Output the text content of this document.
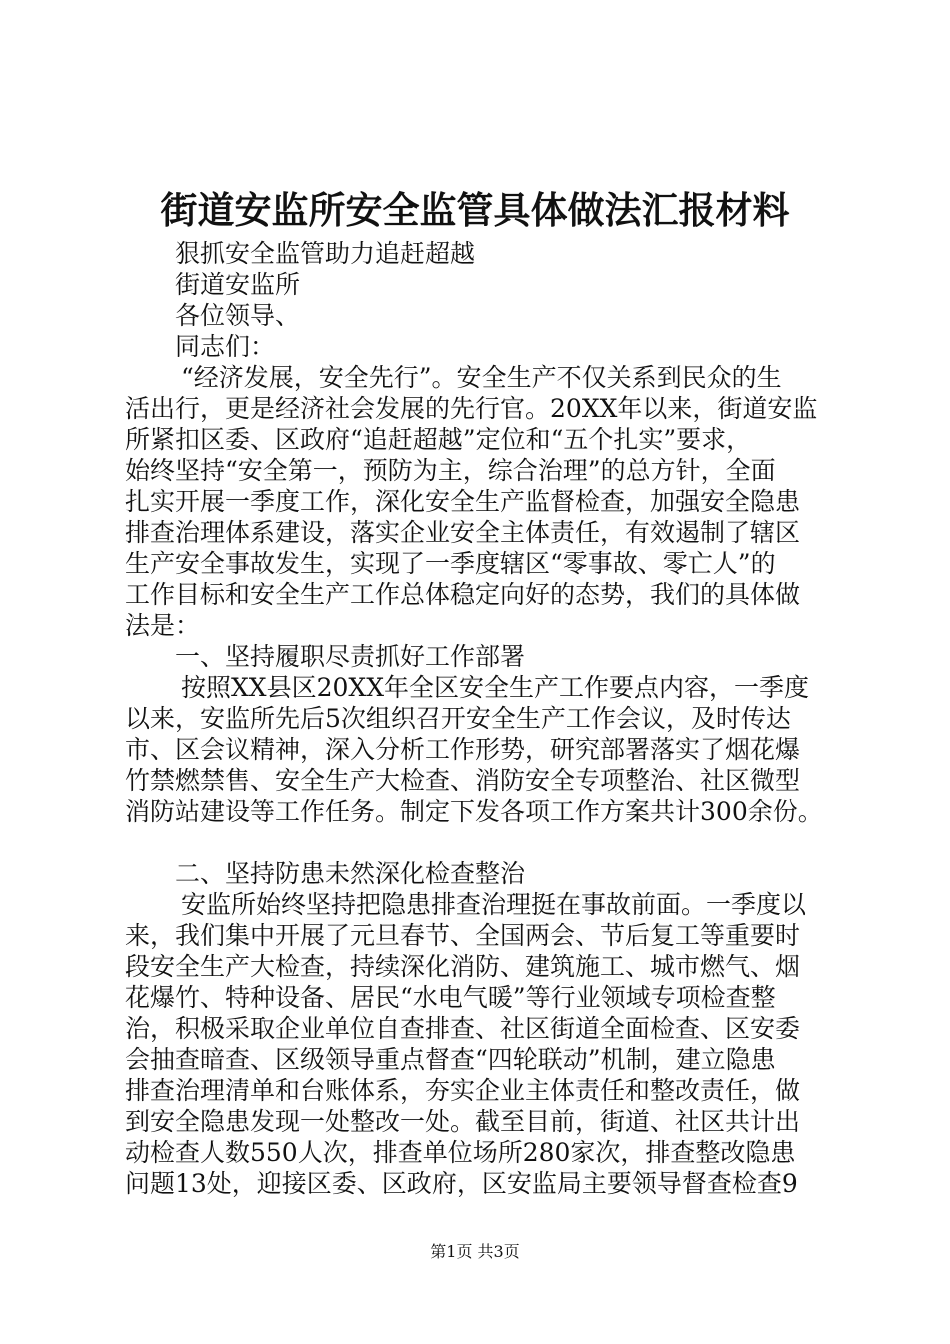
街道安监所安全监管具体做法汇报材料
狠抓安全监管助力追赶超越
街道安监所
各位领导、
同志们：
“经济发展，安全先行”。安全生产不仅关系到民众的生
活出行，更是经济社会发展的先行官。20XX年以来，街道安监
所紧扣区委、区政府“追赶超越”定位和“五个扎实”要求，
始终坚持“安全第一，预防为主，综合治理”的总方针，全面
扎实开展一季度工作，深化安全生产监督检查，加强安全隐患
排查治理体系建设，落实企业安全主体责任，有效遏制了辖区
生产安全事故发生，实现了一季度辖区“零事故、零亡人”的
工作目标和安全生产工作总体稳定向好的态势，我们的具体做
法是：
一、坚持履职尽责抓好工作部署
按照XX县区20XX年全区安全生产工作要点内容，一季度
以来，安监所先后5次组织召开安全生产工作会议，及时传达
市、区会议精神，深入分析工作形势，研究部署落实了烟花爆
竹禁燃禁售、安全生产大检查、消防安全专项整治、社区微型
消防站建设等工作任务。制定下发各项工作方案共计300余份。
二、坚持防患未然深化检查整治
安监所始终坚持把隐患排查治理挺在事故前面。一季度以
来，我们集中开展了元旦春节、全国两会、节后复工等重要时
段安全生产大检查，持续深化消防、建筑施工、城市燃气、烟
花爆竹、特种设备、居民“水电气暖”等行业领域专项检查整
治，积极采取企业单位自查排查、社区街道全面检查、区安委
会抽查暗查、区级领导重点督查“四轮联动”机制，建立隐患
排查治理清单和台账体系，夯实企业主体责任和整改责任，做
到安全隐患发现一处整改一处。截至目前，街道、社区共计出
动检查人数550人次，排查单位场所280家次，排查整改隐患
问题13处，迎接区委、区政府，区安监局主要领导督查检查9
第1页 共3页
